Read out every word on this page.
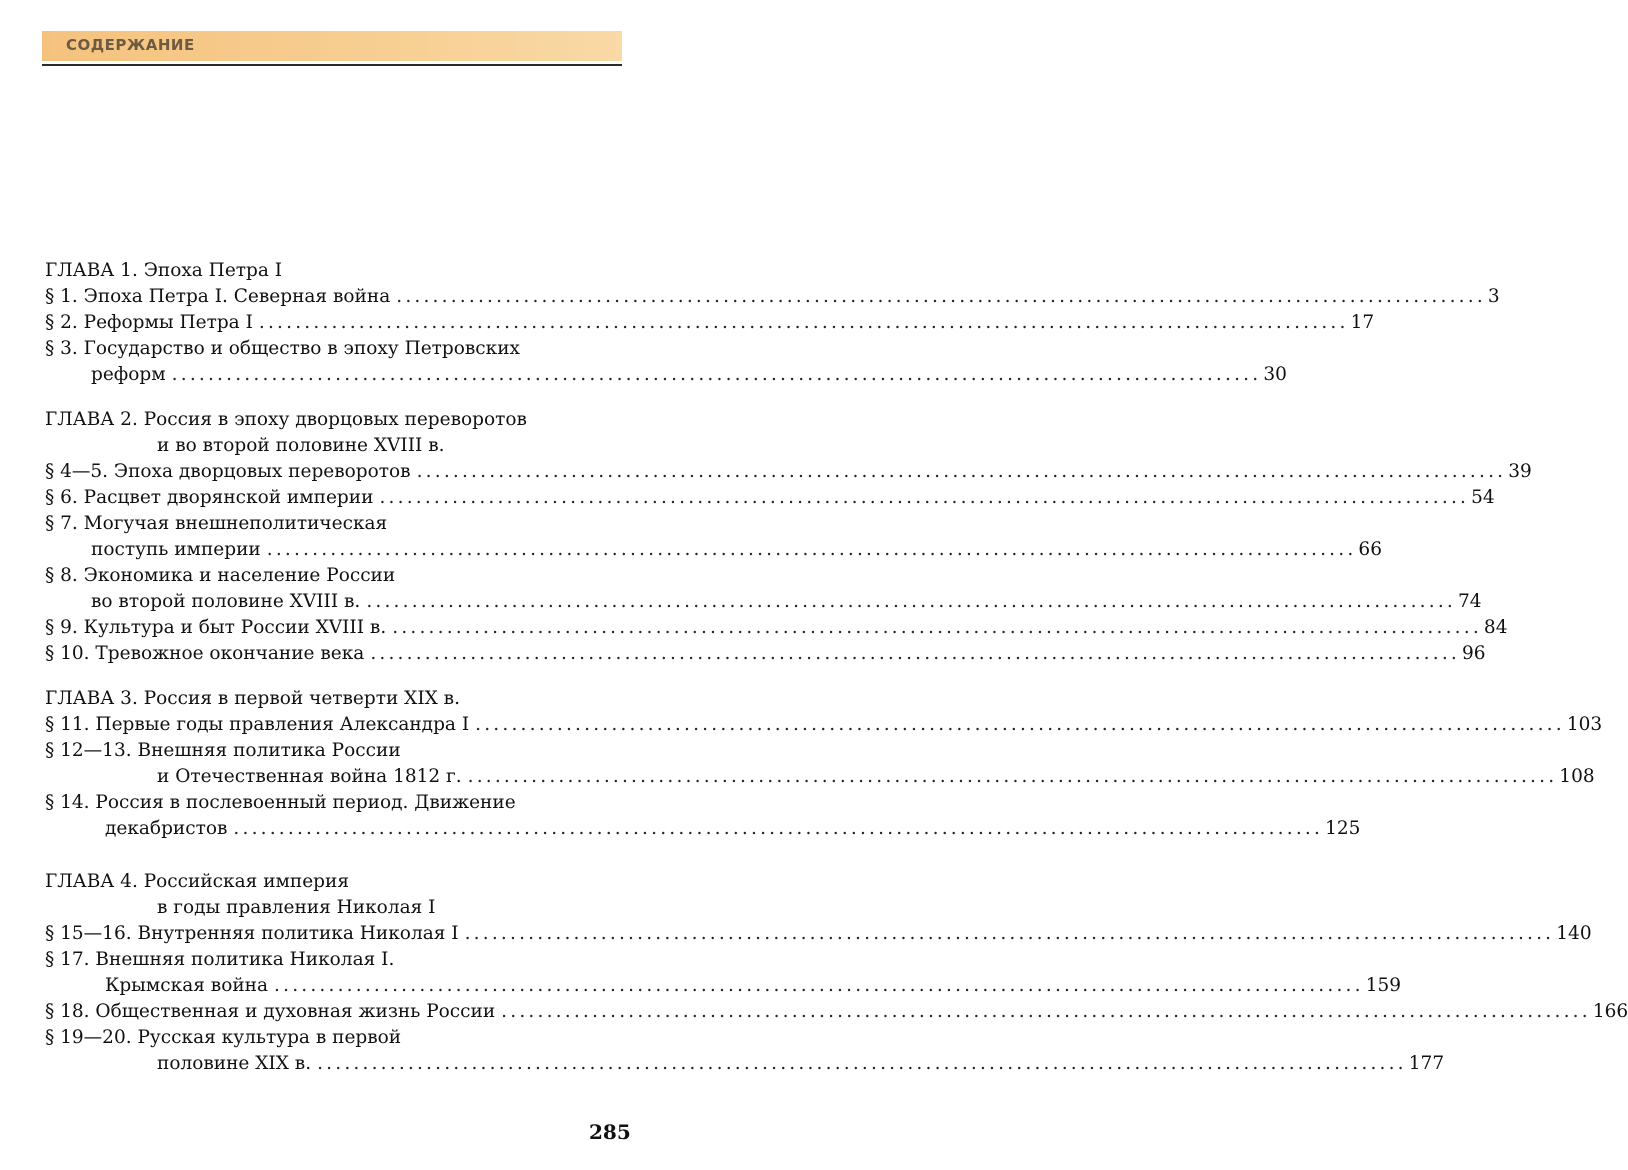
СОДЕРЖАНИЕ
ГЛАВА 1. Эпоха Петра I
§ 1. Эпоха Петра I. Северная война ........................................................................................................................ 3
§ 2. Реформы Петра I ........................................................................................................................ 17
§ 3. Государство и общество в эпоху Петровских
реформ ........................................................................................................................ 30
ГЛАВА 2. Россия в эпоху дворцовых переворотов
и во второй половине XVIII в.
§ 4—5. Эпоха дворцовых переворотов ........................................................................................................................ 39
§ 6. Расцвет дворянской империи ........................................................................................................................ 54
§ 7. Могучая внешнеполитическая
поступь империи ........................................................................................................................ 66
§ 8. Экономика и население России
во второй половине XVIII в. ........................................................................................................................ 74
§ 9. Культура и быт России XVIII в. ........................................................................................................................ 84
§ 10. Тревожное окончание века ........................................................................................................................ 96
ГЛАВА 3. Россия в первой четверти XIX в.
§ 11. Первые годы правления Александра I ........................................................................................................................ 103
§ 12—13. Внешняя политика России
и Отечественная война 1812 г. ........................................................................................................................ 108
§ 14. Россия в послевоенный период. Движение
декабристов ........................................................................................................................ 125
ГЛАВА 4. Российская империя
в годы правления Николая I
§ 15—16. Внутренняя политика Николая I ........................................................................................................................ 140
§ 17. Внешняя политика Николая I.
Крымская война ........................................................................................................................ 159
§ 18. Общественная и духовная жизнь России ........................................................................................................................ 166
§ 19—20. Русская культура в первой
половине XIX в. ........................................................................................................................ 177
285
